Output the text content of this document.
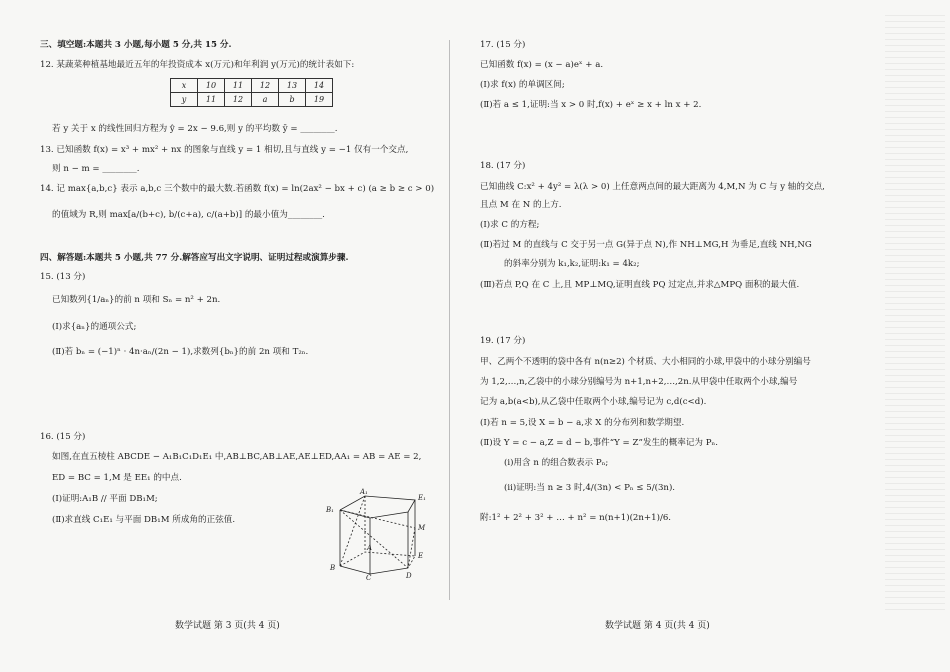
三、填空题:本题共 3 小题,每小题 5 分,共 15 分.
12. 某蔬菜种植基地最近五年的年投资成本 x(万元)和年利润 y(万元)的统计表如下:
x	10	11	12	13	14
y	11	12	a	b	19
若 y 关于 x 的线性回归方程为 ŷ = 2x − 9.6,则 y 的平均数 ȳ = ________.
13. 已知函数 f(x) = x³ + mx² + nx 的图象与直线 y = 1 相切,且与直线 y = −1 仅有一个交点,
则 n − m = ________.
14. 记 max{a,b,c} 表示 a,b,c 三个数中的最大数.若函数 f(x) = ln(2ax² − bx + c) (a ≥ b ≥ c > 0)
的值域为 R,则 max[a/(b+c), b/(c+a), c/(a+b)] 的最小值为________.
四、解答题:本题共 5 小题,共 77 分.解答应写出文字说明、证明过程或演算步骤.
15. (13 分)
已知数列{1/aₙ}的前 n 项和 Sₙ = n² + 2n.
(Ⅰ)求{aₙ}的通项公式;
(Ⅱ)若 bₙ = (−1)ⁿ · 4n·aₙ/(2n − 1),求数列{bₙ}的前 2n 项和 T₂ₙ.
16. (15 分)
如图,在直五棱柱 ABCDE − A₁B₁C₁D₁E₁ 中,AB⊥BC,AB⊥AE,AE⊥ED,AA₁ = AB = AE = 2,
ED = BC = 1,M 是 EE₁ 的中点.
(Ⅰ)证明:A₁B // 平面 DB₁M;
(Ⅱ)求直线 C₁E₁ 与平面 DB₁M 所成角的正弦值.
A₁
E₁
B₁
M
A
E
B
C	D
数学试题 第 3 页(共 4 页)
17. (15 分)
已知函数 f(x) = (x − a)eˣ + a.
(Ⅰ)求 f(x) 的单调区间;
(Ⅱ)若 a ≤ 1,证明:当 x > 0 时,f(x) + eˣ ≥ x + ln x + 2.
18. (17 分)
已知曲线 C:x² + 4y² = λ(λ > 0) 上任意两点间的最大距离为 4,M,N 为 C 与 y 轴的交点,
且点 M 在 N 的上方.
(Ⅰ)求 C 的方程;
(Ⅱ)若过 M 的直线与 C 交于另一点 G(异于点 N),作 NH⊥MG,H 为垂足,直线 NH,NG
的斜率分别为 k₁,k₂,证明:k₁ = 4k₂;
(Ⅲ)若点 P,Q 在 C 上,且 MP⊥MQ,证明直线 PQ 过定点,并求△MPQ 面积的最大值.
19. (17 分)
甲、乙两个不透明的袋中各有 n(n≥2) 个材质、大小相同的小球,甲袋中的小球分别编号
为 1,2,…,n,乙袋中的小球分别编号为 n+1,n+2,…,2n.从甲袋中任取两个小球,编号
记为 a,b(a<b),从乙袋中任取两个小球,编号记为 c,d(c<d).
(Ⅰ)若 n = 5,设 X = b − a,求 X 的分布列和数学期望.
(Ⅱ)设 Y = c − a,Z = d − b,事件“Y = Z”发生的概率记为 Pₙ.
(ⅰ)用含 n 的组合数表示 Pₙ;
(ⅱ)证明:当 n ≥ 3 时,4/(3n) < Pₙ ≤ 5/(3n).
附:1² + 2² + 3² + … + n² = n(n+1)(2n+1)/6.
数学试题 第 4 页(共 4 页)
